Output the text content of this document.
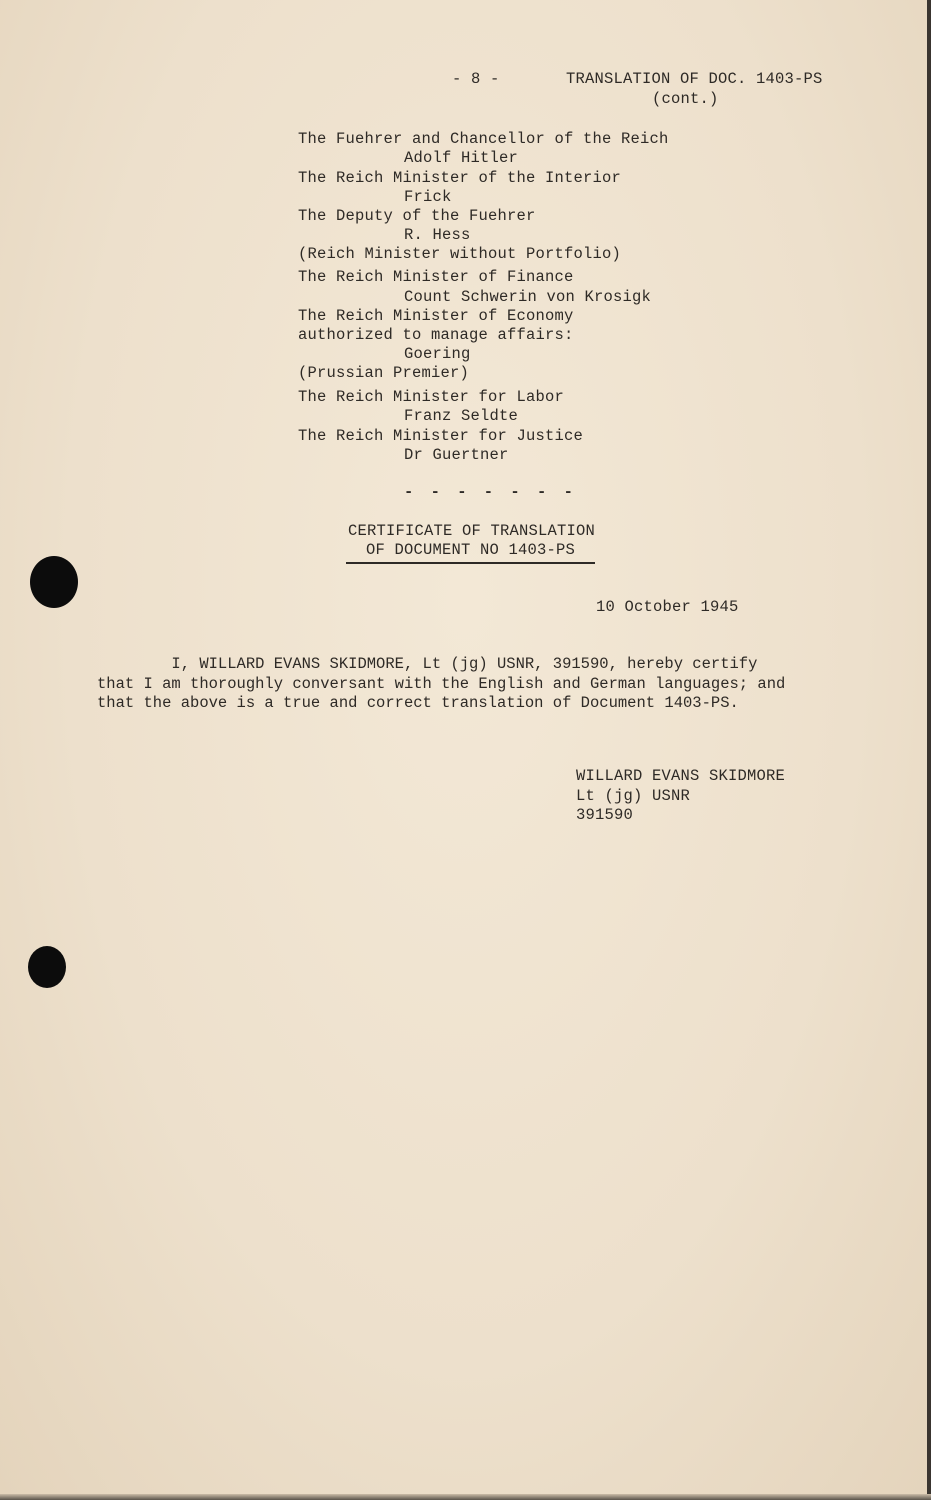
- 8 -	TRANSLATION OF DOC. 1403-PS
(cont.)
The Fuehrer and Chancellor of the Reich
Adolf Hitler
The Reich Minister of the Interior
Frick
The Deputy of the Fuehrer
R. Hess
(Reich Minister without Portfolio)
The Reich Minister of Finance
Count Schwerin von Krosigk
The Reich Minister of Economy
authorized to manage affairs:
Goering
(Prussian Premier)
The Reich Minister for Labor
Franz Seldte
The Reich Minister for Justice
Dr Guertner
- - - - - - -
CERTIFICATE OF TRANSLATION
OF DOCUMENT NO 1403-PS
10 October 1945
I, WILLARD EVANS SKIDMORE, Lt (jg) USNR, 391590, hereby certify
that I am thoroughly conversant with the English and German languages; and
that the above is a true and correct translation of Document 1403-PS.
WILLARD EVANS SKIDMORE
Lt (jg) USNR
391590
